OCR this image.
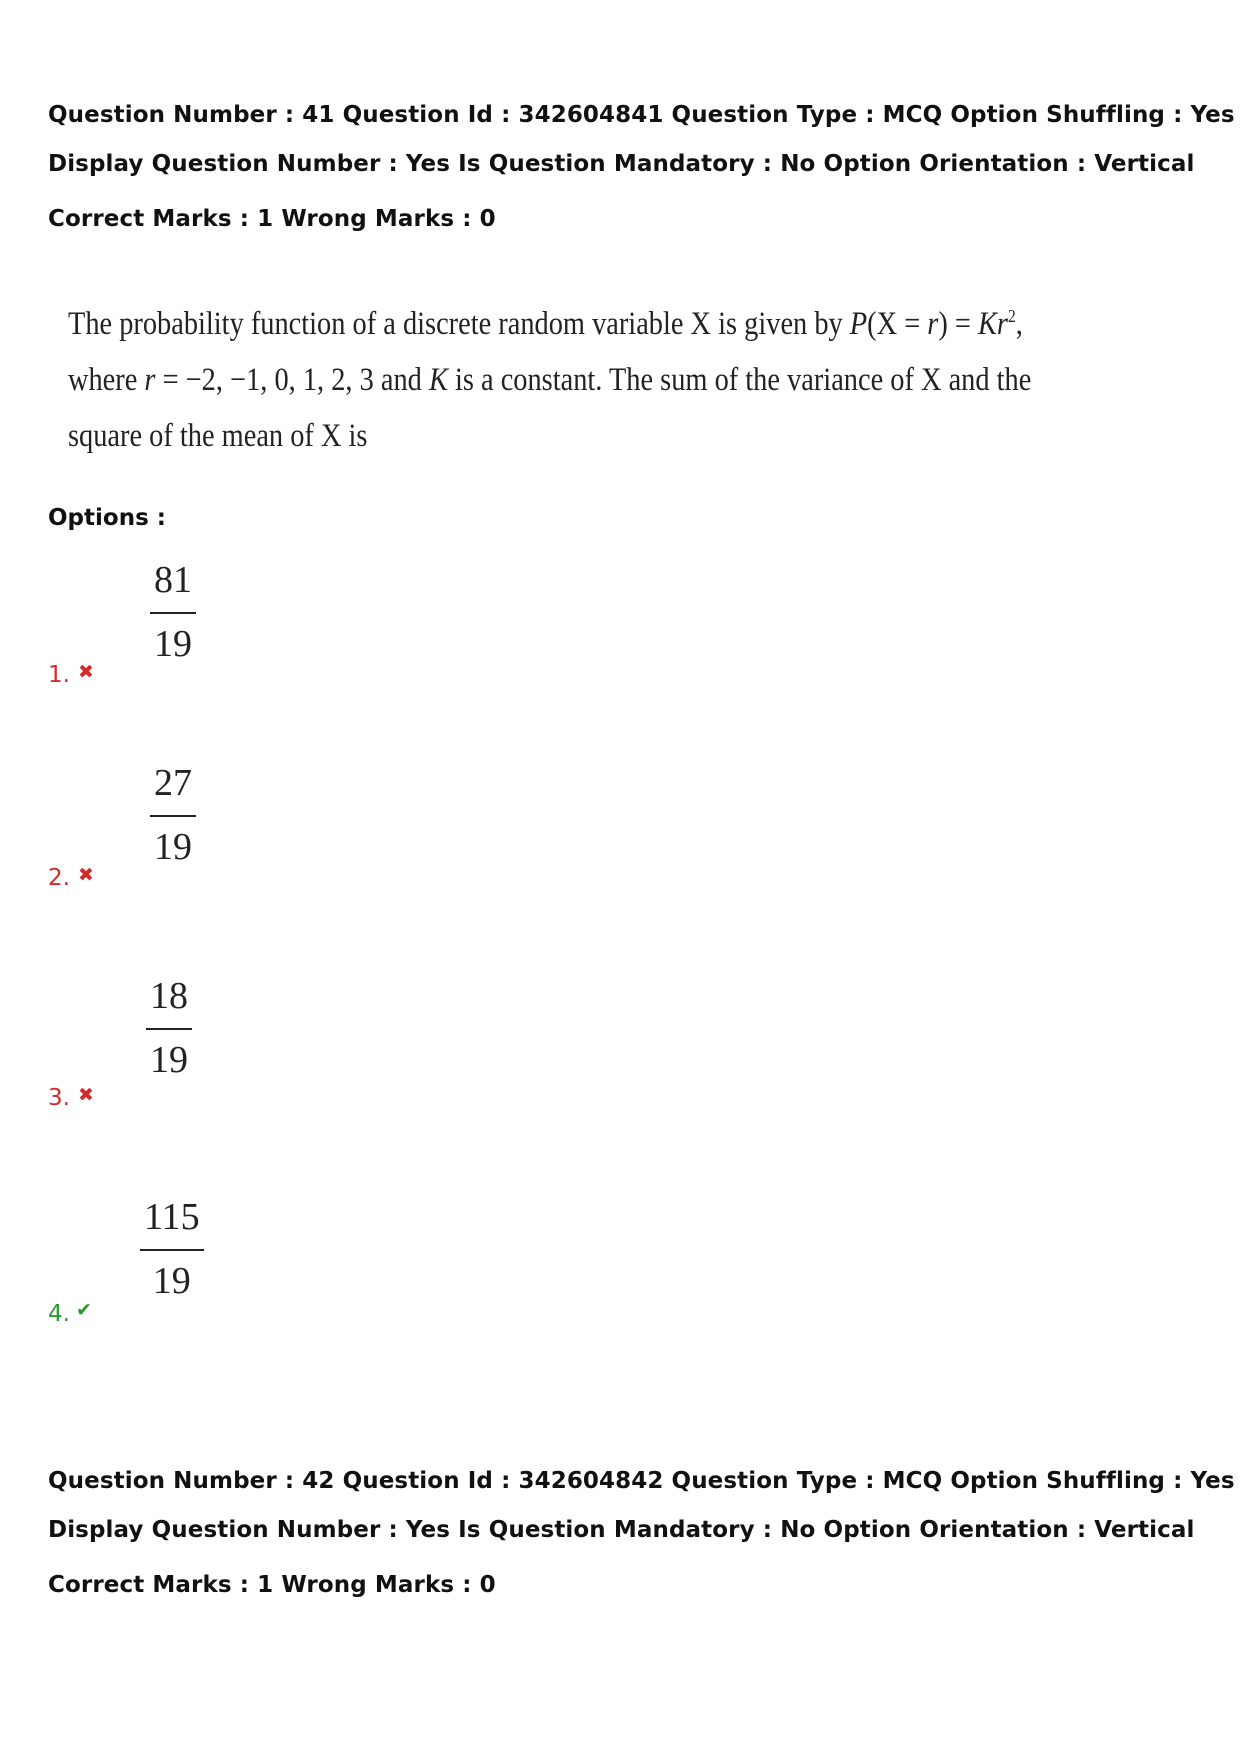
Question Number : 41 Question Id : 342604841 Question Type : MCQ Option Shuffling : Yes
Display Question Number : Yes Is Question Mandatory : No Option Orientation : Vertical
Correct Marks : 1 Wrong Marks : 0
The probability function of a discrete random variable X is given by $P(X = r) = Kr^2$,
where r = −2, −1, 0, 1, 2, 3 and K is a constant. The sum of the variance of X and the
square of the mean of X is
Options :
81
19
1. ✖
27
19
2. ✖
18
19
3. ✖
115
19
4. ✔
Question Number : 42 Question Id : 342604842 Question Type : MCQ Option Shuffling : Yes
Display Question Number : Yes Is Question Mandatory : No Option Orientation : Vertical
Correct Marks : 1 Wrong Marks : 0
